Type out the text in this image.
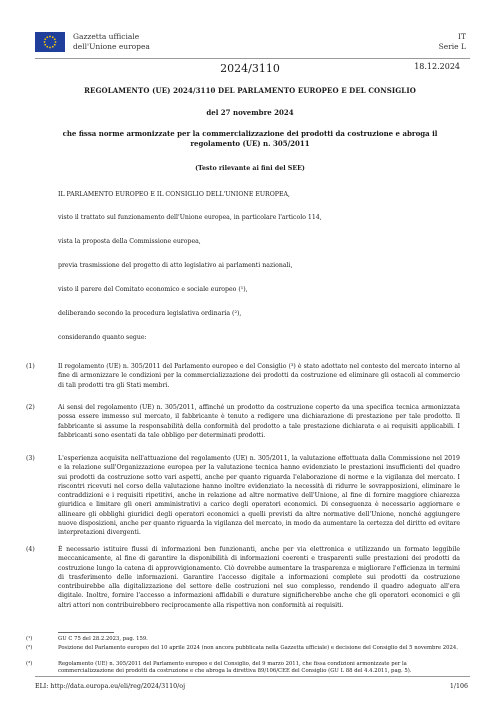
Gazzetta ufficiale
dell'Unione europea
IT
Serie L
2024/3110	18.12.2024
REGOLAMENTO (UE) 2024/3110 DEL PARLAMENTO EUROPEO E DEL CONSIGLIO
del 27 novembre 2024
che fissa norme armonizzate per la commercializzazione dei prodotti da costruzione e abroga il regolamento (UE) n. 305/2011
(Testo rilevante ai fini del SEE)
IL PARLAMENTO EUROPEO E IL CONSIGLIO DELL'UNIONE EUROPEA,
visto il trattato sul funzionamento dell'Unione europea, in particolare l'articolo 114,
vista la proposta della Commissione europea,
previa trasmissione del progetto di atto legislativo ai parlamenti nazionali,
visto il parere del Comitato economico e sociale europeo (¹),
deliberando secondo la procedura legislativa ordinaria (²),
considerando quanto segue:
(1)	Il regolamento (UE) n. 305/2011 del Parlamento europeo e del Consiglio (³) è stato adottato nel contesto del mercato interno al fine di armonizzare le condizioni per la commercializzazione dei prodotti da costruzione ed eliminare gli ostacoli al commercio di tali prodotti tra gli Stati membri.
(2)	Ai sensi del regolamento (UE) n. 305/2011, affinché un prodotto da costruzione coperto da una specifica tecnica armonizzata possa essere immesso sul mercato, il fabbricante è tenuto a redigere una dichiarazione di prestazione per tale prodotto. Il fabbricante si assume la responsabilità della conformità del prodotto a tale prestazione dichiarata e ai requisiti applicabili. I fabbricanti sono esentati da tale obbligo per determinati prodotti.
(3)	L'esperienza acquisita nell'attuazione del regolamento (UE) n. 305/2011, la valutazione effettuata dalla Commissione nel 2019 e la relazione sull'Organizzazione europea per la valutazione tecnica hanno evidenziato le prestazioni insufficienti del quadro sui prodotti da costruzione sotto vari aspetti, anche per quanto riguarda l'elaborazione di norme e la vigilanza del mercato. I riscontri ricevuti nel corso della valutazione hanno inoltre evidenziato la necessità di ridurre le sovrapposizioni, eliminare le contraddizioni e i requisiti ripetitivi, anche in relazione ad altre normative dell'Unione, al fine di fornire maggiore chiarezza giuridica e limitare gli oneri amministrativi a carico degli operatori economici. Di conseguenza è necessario aggiornare e allineare gli obblighi giuridici degli operatori economici a quelli previsti da altre normative dell'Unione, nonché aggiungere nuove disposizioni, anche per quanto riguarda la vigilanza del mercato, in modo da aumentare la certezza del diritto ed evitare interpretazioni divergenti.
(4)	È necessario istituire flussi di informazioni ben funzionanti, anche per via elettronica e utilizzando un formato leggibile meccanicamente, al fine di garantire la disponibilità di informazioni coerenti e trasparenti sulle prestazioni dei prodotti da costruzione lungo la catena di approvvigionamento. Ciò dovrebbe aumentare la trasparenza e migliorare l'efficienza in termini di trasferimento delle informazioni. Garantire l'accesso digitale a informazioni complete sui prodotti da costruzione contribuirebbe alla digitalizzazione del settore delle costruzioni nel suo complesso, rendendo il quadro adeguato all'era digitale. Inoltre, fornire l'accesso a informazioni affidabili e durature significherebbe anche che gli operatori economici e gli altri attori non contribuirebbero reciprocamente alla rispettiva non conformità ai requisiti.
(¹)	GU C 75 del 28.2.2023, pag. 159.
(²)	Posizione del Parlamento europeo del 10 aprile 2024 (non ancora pubblicata nella Gazzetta ufficiale) e decisione del Consiglio del 5 novembre 2024.
(³)	Regolamento (UE) n. 305/2011 del Parlamento europeo e del Consiglio, del 9 marzo 2011, che fissa condizioni armonizzate per la commercializzazione dei prodotti da costruzione e che abroga la direttiva 89/106/CEE del Consiglio (GU L 88 del 4.4.2011, pag. 5).
ELI: http://data.europa.eu/eli/reg/2024/3110/oj	1/106
